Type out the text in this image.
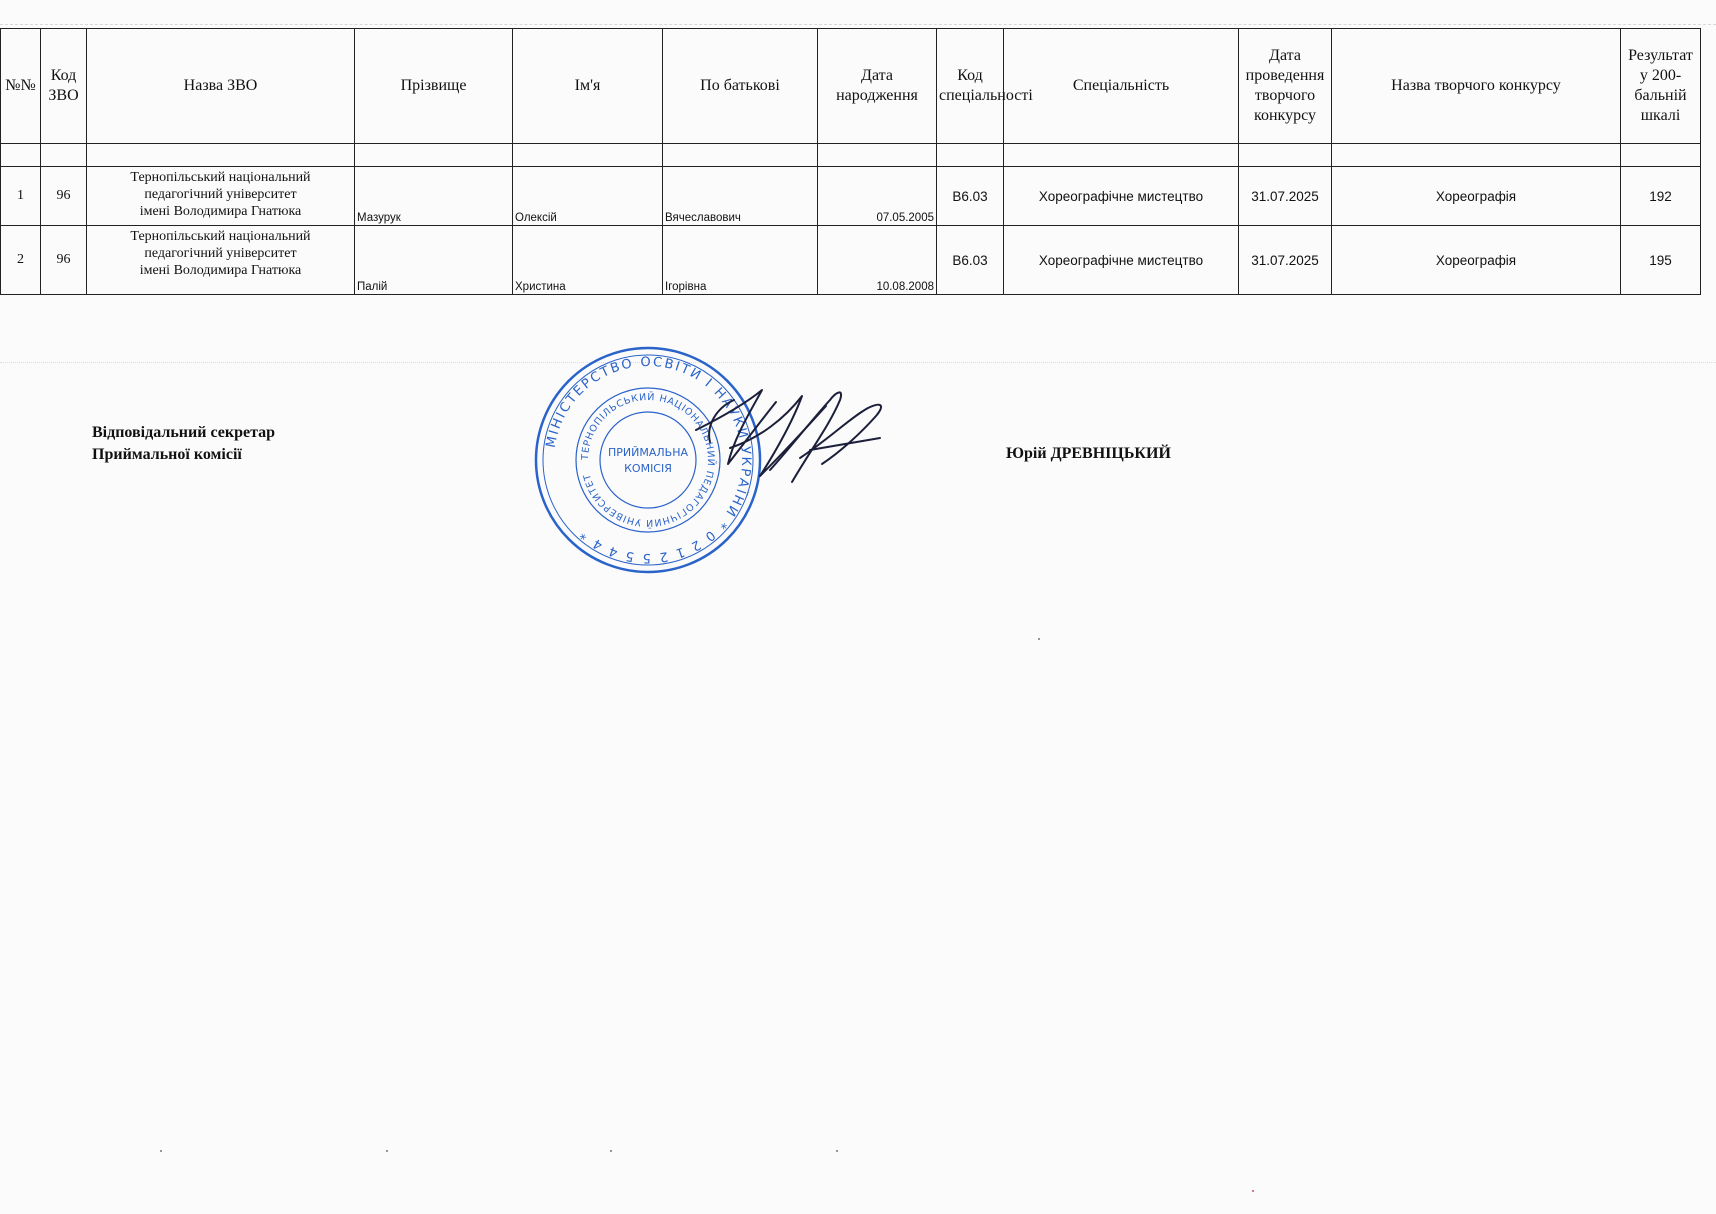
№№	Код ЗВО	Назва ЗВО	Прізвище	Ім'я	По батькові	Дата народження	Код спеціальності	Спеціальність	Дата проведення творчого конкурсу	Назва творчого конкурсу	Результат у 200-бальній шкалі

1	96	Тернопільський національний
педагогічний університет
імені Володимира Гнатюка	Мазурук	Олексій	Вячеславович	07.05.2005	B6.03	Хореографічне мистецтво	31.07.2025	Хореографія	192
2	96	Тернопільський національний
педагогічний університет
імені Володимира Гнатюка	Палій	Христина	Ігорівна	10.08.2008	B6.03	Хореографічне мистецтво	31.07.2025	Хореографія	195
Відповідальний секретар
Приймальної комісії	Юрій ДРЕВНІЦЬКИЙ
МІНІСТЕРСТВО ОСВІТИ І НАУКИ УКРАЇНИ * 0 2 1 2 5 5 4 4 *
ТЕРНОПІЛЬСЬКИЙ НАЦІОНАЛЬНИЙ ПЕДАГОГІЧНИЙ УНІВЕРСИТЕТ
ПРИЙМАЛЬНА
КОМІСІЯ
